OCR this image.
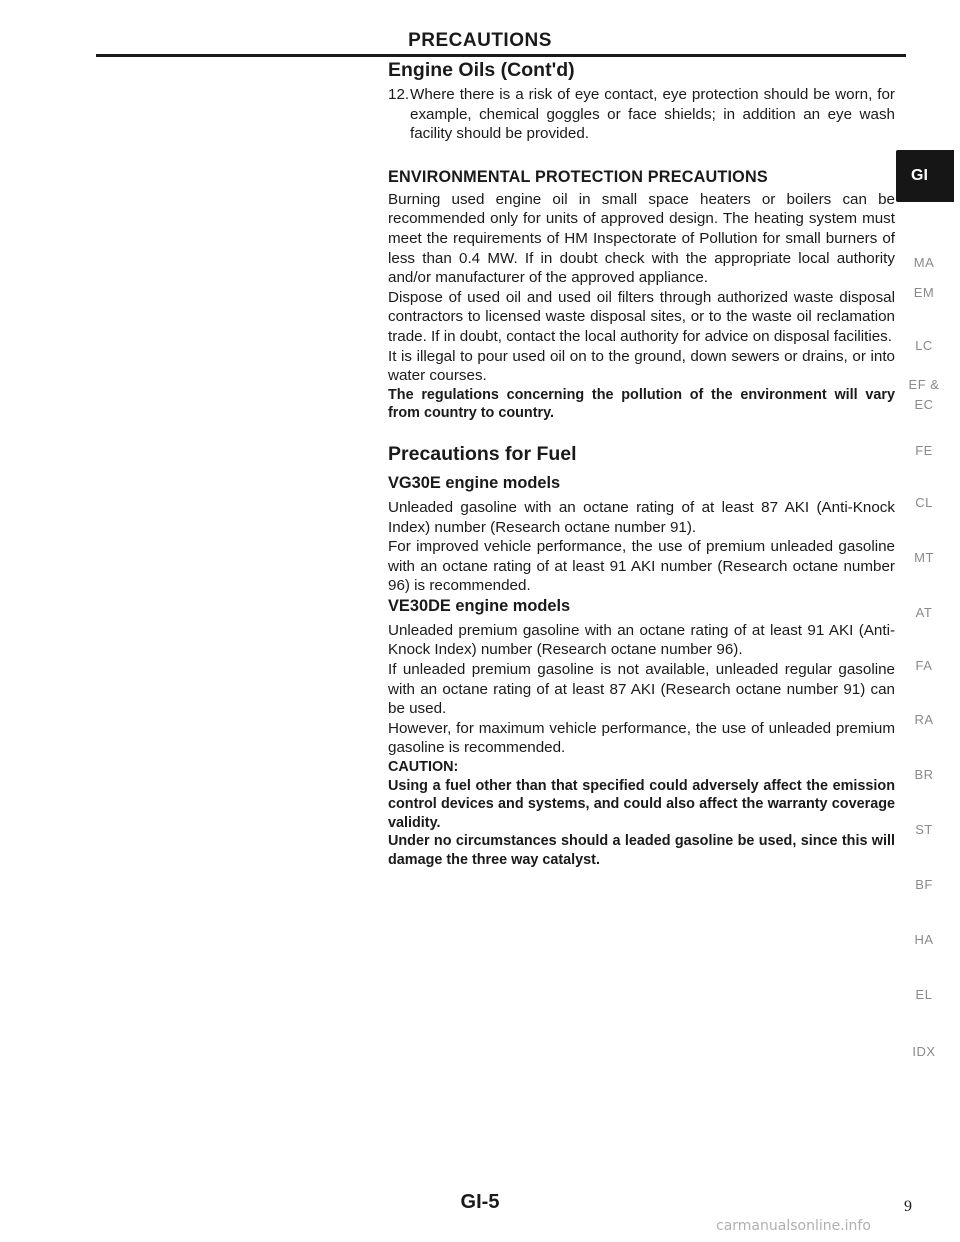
PRECAUTIONS
Engine Oils (Cont'd)
12. Where there is a risk of eye contact, eye protection should be worn, for example, chemical goggles or face shields; in addition an eye wash facility should be provided.
ENVIRONMENTAL PROTECTION PRECAUTIONS

Burning used engine oil in small space heaters or boilers can be recommended only for units of approved design. The heating system must meet the requirements of HM Inspectorate of Pollution for small burners of less than 0.4 MW. If in doubt check with the appropriate local authority and/or manufacturer of the approved appliance.

Dispose of used oil and used oil filters through authorized waste disposal contractors to licensed waste disposal sites, or to the waste oil reclamation trade. If in doubt, contact the local authority for advice on disposal facilities.

It is illegal to pour used oil on to the ground, down sewers or drains, or into water courses.

The regulations concerning the pollution of the environment will vary from country to country.

Precautions for Fuel
VG30E engine models

Unleaded gasoline with an octane rating of at least 87 AKI (Anti-Knock Index) number (Research octane number 91).

For improved vehicle performance, the use of premium unleaded gasoline with an octane rating of at least 91 AKI number (Research octane number 96) is recommended.

VE30DE engine models

Unleaded premium gasoline with an octane rating of at least 91 AKI (Anti-Knock Index) number (Research octane number 96).

If unleaded premium gasoline is not available, unleaded regular gasoline with an octane rating of at least 87 AKI (Research octane number 91) can be used.

However, for maximum vehicle performance, the use of unleaded premium gasoline is recommended.

CAUTION:

Using a fuel other than that specified could adversely affect the emission control devices and systems, and could also affect the warranty coverage validity.

Under no circumstances should a leaded gasoline be used, since this will damage the three way catalyst.

GI
MA
EM
LC
EF &
EC
FE
CL
MT
AT
FA
RA
BR
ST
BF
HA
EL
IDX
GI-5	9
carmanualsonline.info
